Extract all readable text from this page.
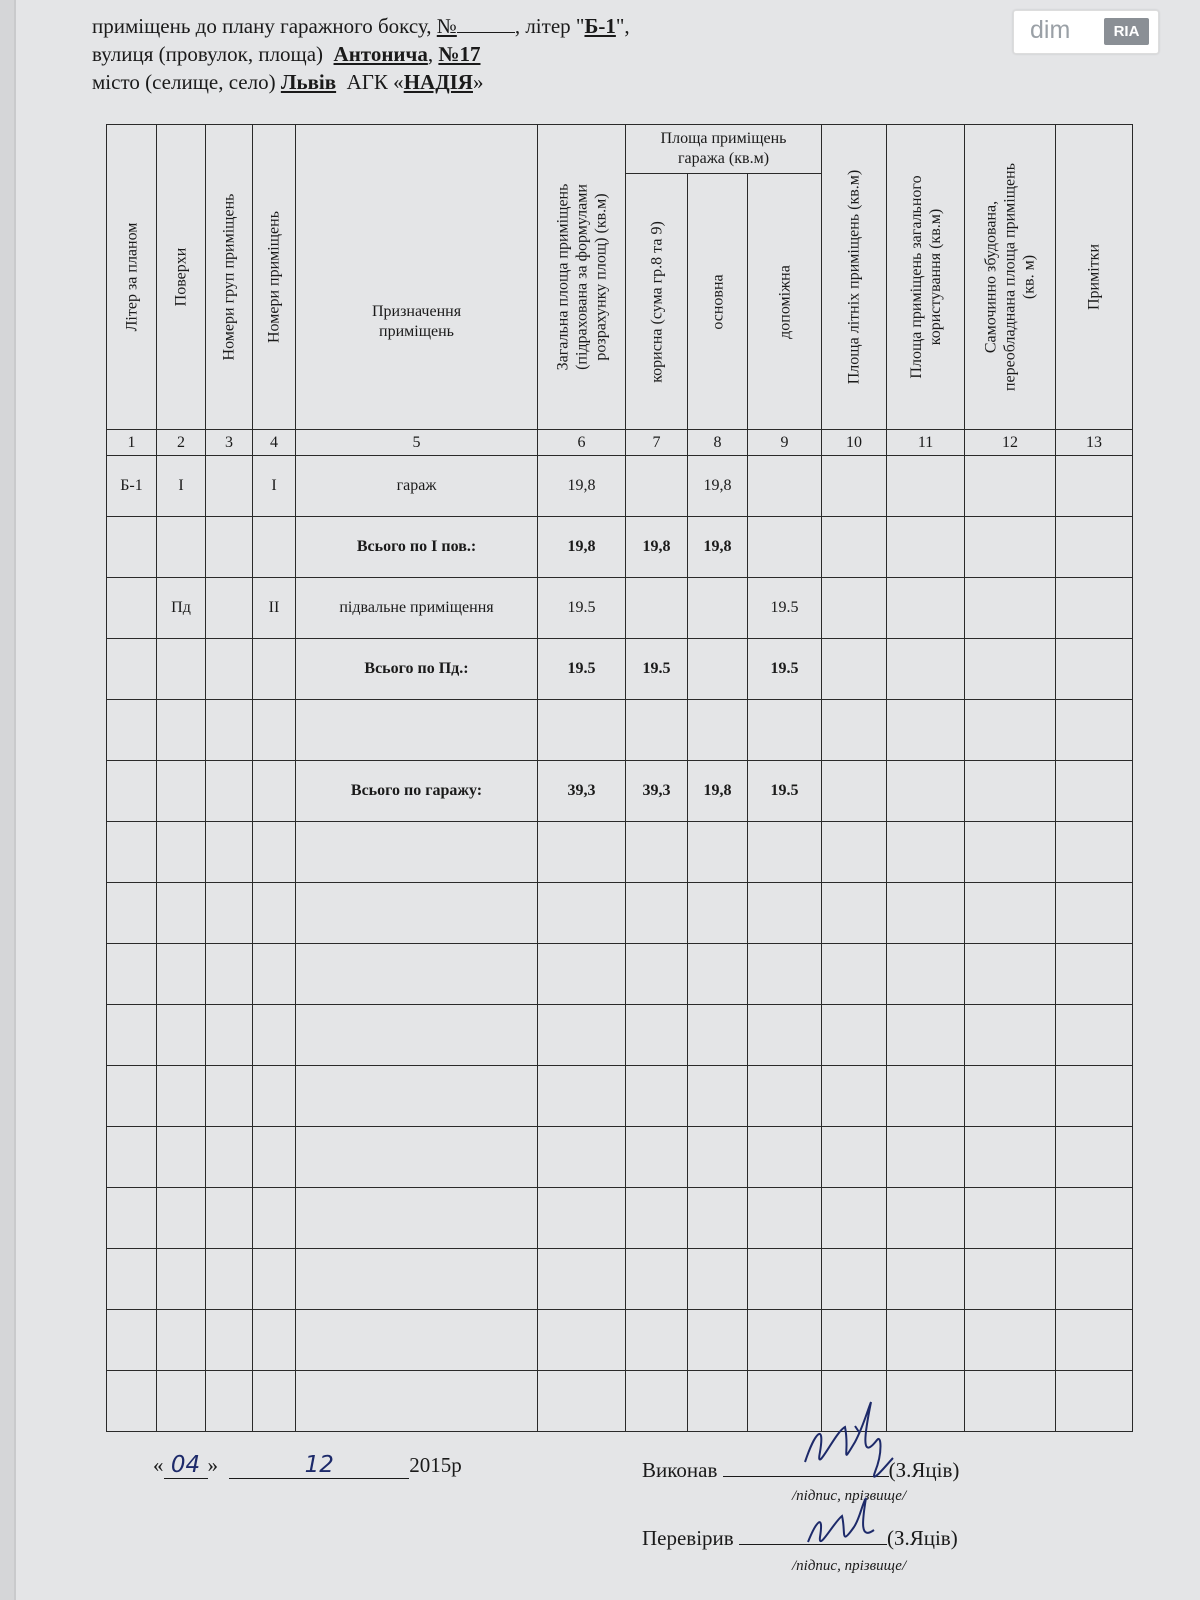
приміщень до плану гаражного боксу, №	, літер "Б-1",
вулиця (провулок, площа) Антонича, №17
місто (селище, село) Львів АГК «НАДІЯ»
dim	RIA
Літер за планом	Поверхи	Номери груп приміщень	Номери приміщень	Призначення приміщень	Загальна площа приміщень (підрахована за формулами розрахунку площ) (кв.м)	Площа приміщень гаража (кв.м)			Площа літніх приміщень (кв.м)	Площа приміщень загального користування (кв.м)	Самочинно збудована, переобладнана площа приміщень (кв. м)	Примітки

						корисна (сума гр.8 та 9)	основна	допоміжна				

1	2	3	4	5	6	7	8	9	10	11	12	13
Б-1	І		І	гараж	19,8		19,8					
				Всього по І пов.:	19,8	19,8	19,8					
	Пд		ІІ	підвальне приміщення	19.5			19.5				
				Всього по Пд.:	19.5	19.5		19.5				

				Всього по гаражу:	39,3	39,3	19,8	19.5				

« 04 »	12	2015р	Виконав	(З.Яців)
/підпис, прізвище/
Перевірив	(З.Яців)
/підпис, прізвище/
